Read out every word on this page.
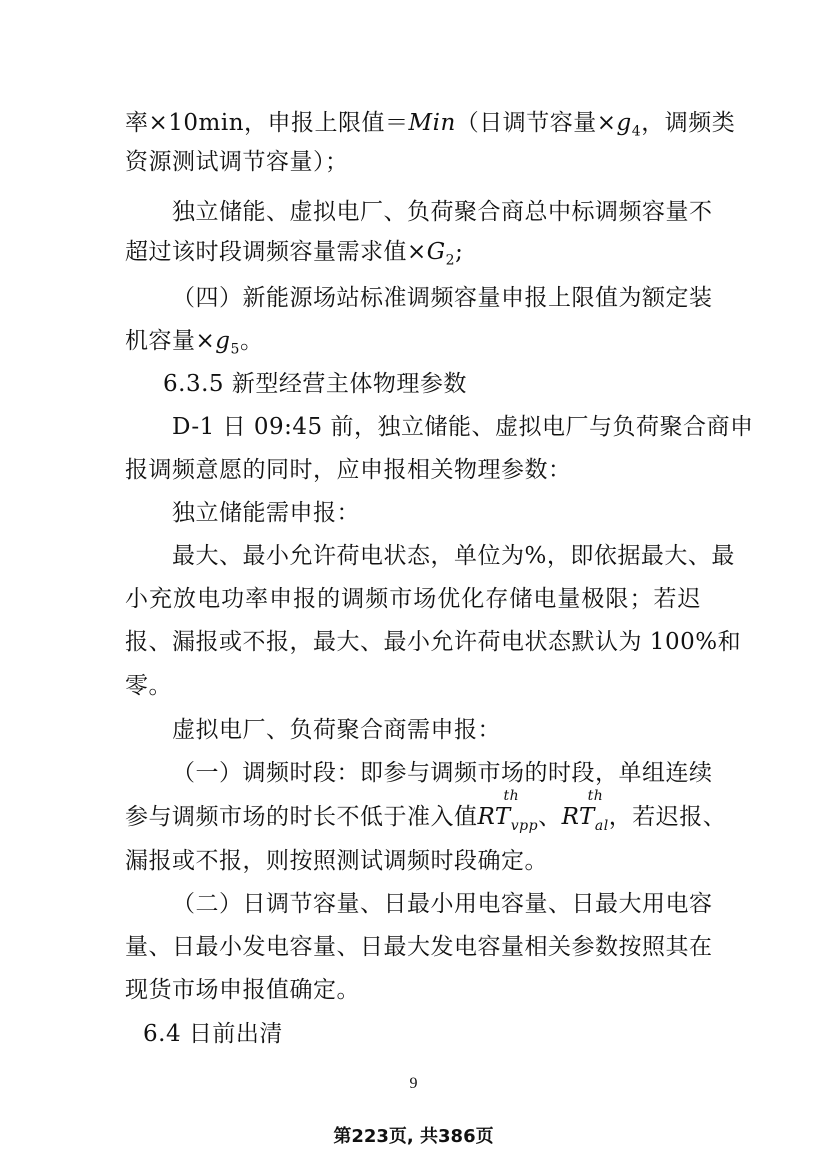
率×10min，申报上限值＝Min（日调节容量$\times g_4$，调频类
资源测试调节容量）；
独立储能、虚拟电厂、负荷聚合商总中标调频容量不
超过该时段调频容量需求值$\times G_2$;
（四）新能源场站标准调频容量申报上限值为额定装
机容量$\times g_5$。
6.3.5 新型经营主体物理参数
D-1 日 09:45 前，独立储能、虚拟电厂与负荷聚合商申
报调频意愿的同时，应申报相关物理参数：
独立储能需申报：
最大、最小允许荷电状态，单位为%，即依据最大、最
小充放电功率申报的调频市场优化存储电量极限；若迟
报、漏报或不报，最大、最小允许荷电状态默认为 100%和
零。
虚拟电厂、负荷聚合商需申报：
（一）调频时段：即参与调频市场的时段，单组连续
参与调频市场的时长不低于准入值RT
th
$_{vpp}$、RT
th
$_{al}$，若迟报、
漏报或不报，则按照测试调频时段确定。
（二）日调节容量、日最小用电容量、日最大用电容
量、日最小发电容量、日最大发电容量相关参数按照其在
现货市场申报值确定。
6.4 日前出清
9
第223页, 共386页
